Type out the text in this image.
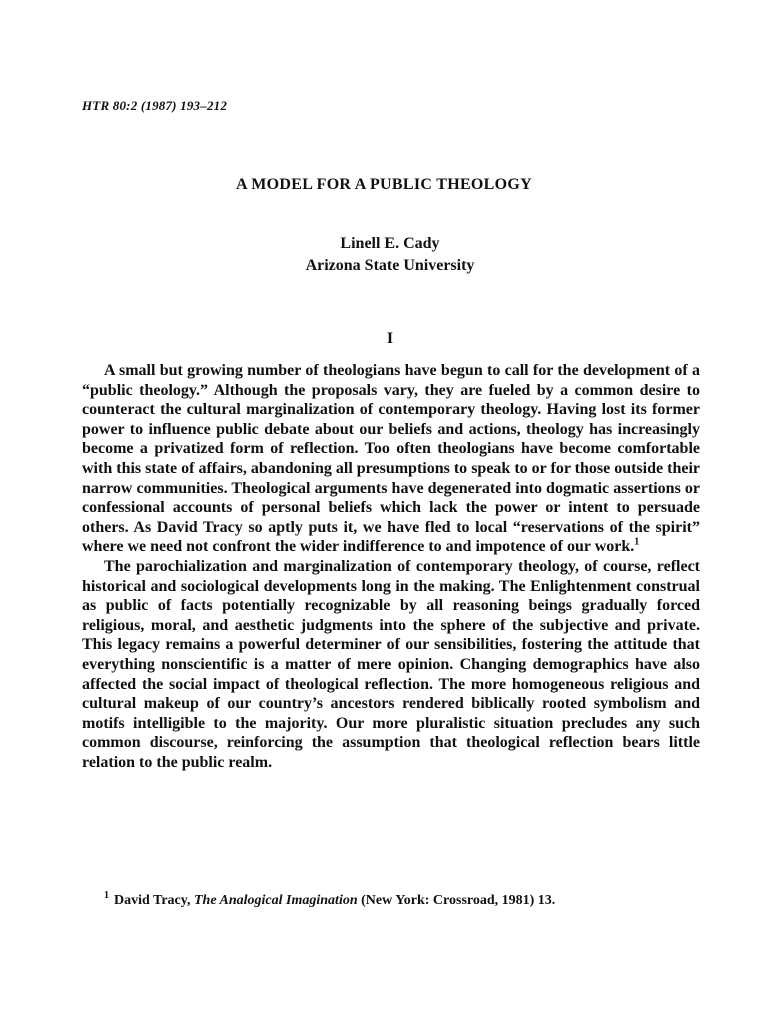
HTR 80:2 (1987) 193–212
A MODEL FOR A PUBLIC THEOLOGY
Linell E. Cady
Arizona State University
I

A small but growing number of theologians have begun to call for the development of a “public theology.” Although the proposals vary, they are fueled by a common desire to counteract the cultural marginalization of contemporary theology. Having lost its former power to influence public debate about our beliefs and actions, theology has increasingly become a privatized form of reflection. Too often theologians have become comfortable with this state of affairs, abandoning all presumptions to speak to or for those outside their narrow communities. Theological arguments have degenerated into dogmatic assertions or confessional accounts of personal beliefs which lack the power or intent to persuade others. As David Tracy so aptly puts it, we have fled to local “reservations of the spirit” where we need not confront the wider indifference to and impotence of our work.$^1$

The parochialization and marginalization of contemporary theology, of course, reflect historical and sociological developments long in the making. The Enlightenment construal as public of facts potentially recognizable by all reasoning beings gradually forced religious, moral, and aesthetic judgments into the sphere of the subjective and private. This legacy remains a powerful determiner of our sensibilities, fostering the attitude that everything nonscientific is a matter of mere opinion. Changing demographics have also affected the social impact of theological reflection. The more homogeneous religious and cultural makeup of our country’s ancestors rendered biblically rooted symbolism and motifs intelligible to the majority. Our more pluralistic situation precludes any such common discourse, reinforcing the assumption that theological reflection bears little relation to the public realm.

$^1$ David Tracy, The Analogical Imagination (New York: Crossroad, 1981) 13.
